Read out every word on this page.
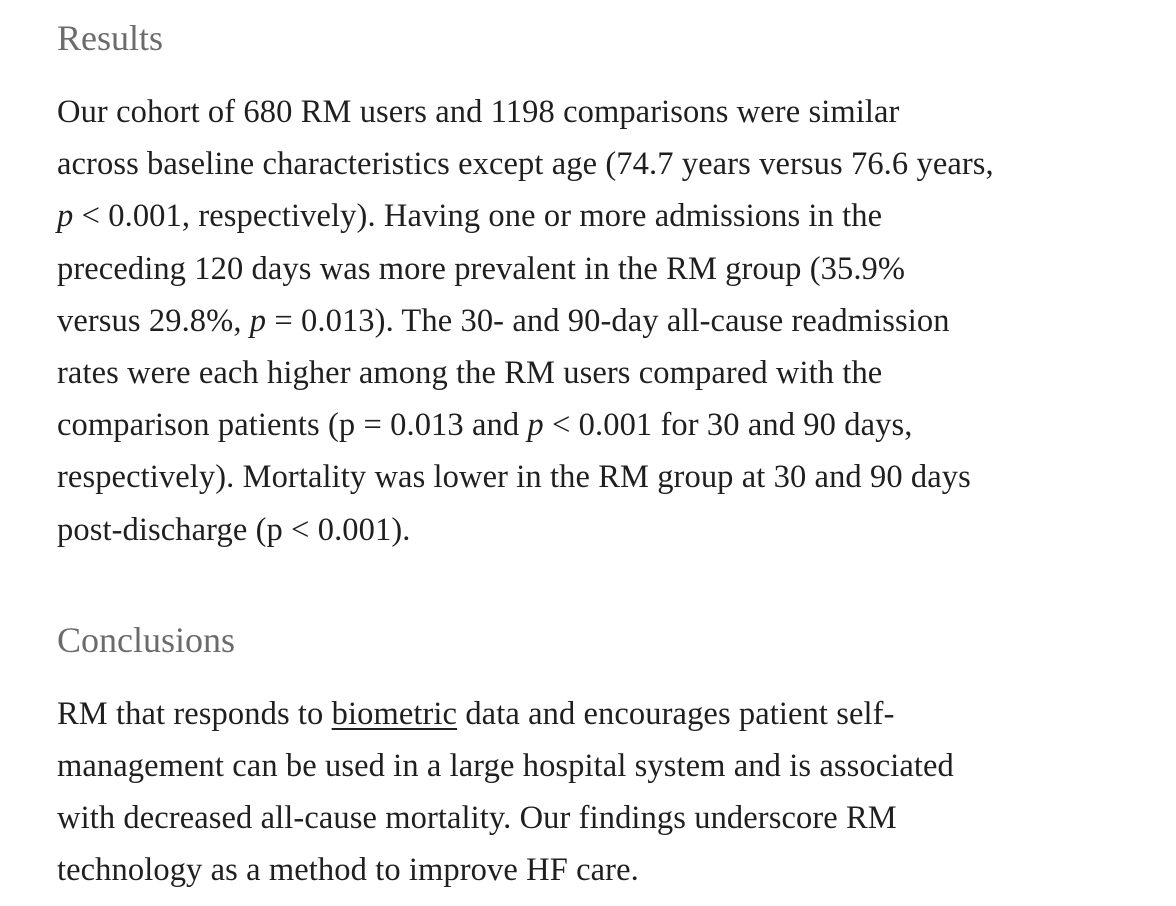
Results

Our cohort of 680 RM users and 1198 comparisons were similar
across baseline characteristics except age (74.7 years versus 76.6 years,
p < 0.001, respectively). Having one or more admissions in the
preceding 120 days was more prevalent in the RM group (35.9%
versus 29.8%, p = 0.013). The 30- and 90-day all-cause readmission
rates were each higher among the RM users compared with the
comparison patients (p = 0.013 and p < 0.001 for 30 and 90 days,
respectively). Mortality was lower in the RM group at 30 and 90 days
post-discharge (p < 0.001).

Conclusions

RM that responds to biometric data and encourages patient self-
management can be used in a large hospital system and is associated
with decreased all-cause mortality. Our findings underscore RM
technology as a method to improve HF care.
